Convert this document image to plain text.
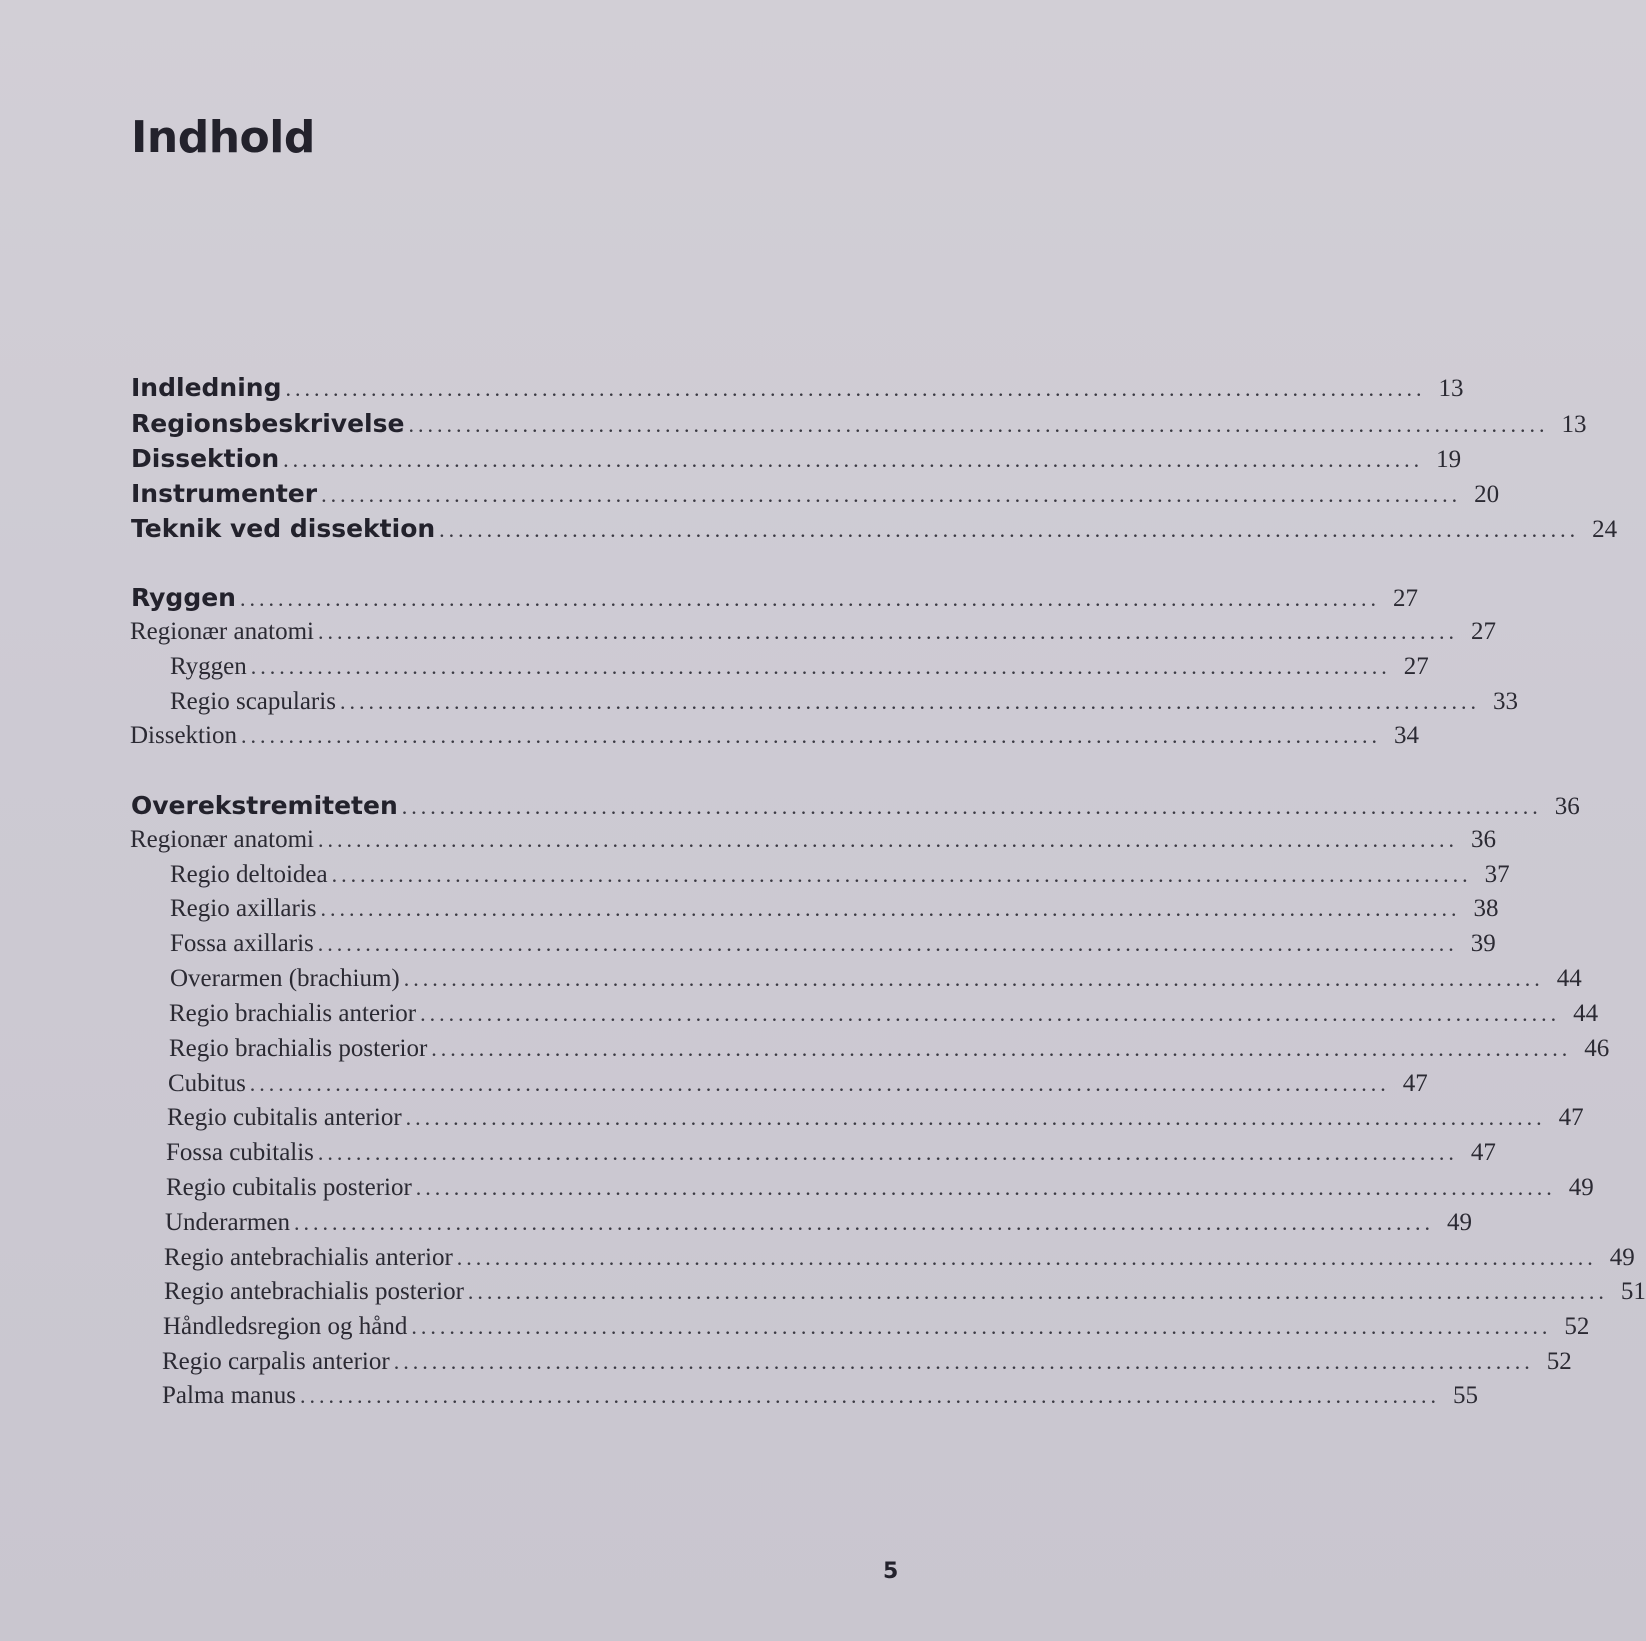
Indhold
Indledning ........................................................................................................................ 13
Regionsbeskrivelse ........................................................................................................................ 13
Dissektion ........................................................................................................................ 19
Instrumenter ........................................................................................................................ 20
Teknik ved dissektion ........................................................................................................................ 24
Ryggen ........................................................................................................................ 27
Regionær anatomi ........................................................................................................................ 27
Ryggen ........................................................................................................................ 27
Regio scapularis ........................................................................................................................ 33
Dissektion ........................................................................................................................ 34
Overekstremiteten ........................................................................................................................ 36
Regionær anatomi ........................................................................................................................ 36
Regio deltoidea ........................................................................................................................ 37
Regio axillaris ........................................................................................................................ 38
Fossa axillaris ........................................................................................................................ 39
Overarmen (brachium) ........................................................................................................................ 44
Regio brachialis anterior ........................................................................................................................ 44
Regio brachialis posterior ........................................................................................................................ 46
Cubitus ........................................................................................................................ 47
Regio cubitalis anterior ........................................................................................................................ 47
Fossa cubitalis ........................................................................................................................ 47
Regio cubitalis posterior ........................................................................................................................ 49
Underarmen ........................................................................................................................ 49
Regio antebrachialis anterior ........................................................................................................................ 49
Regio antebrachialis posterior ........................................................................................................................ 51
Håndledsregion og hånd ........................................................................................................................ 52
Regio carpalis anterior ........................................................................................................................ 52
Palma manus ........................................................................................................................ 55
5
